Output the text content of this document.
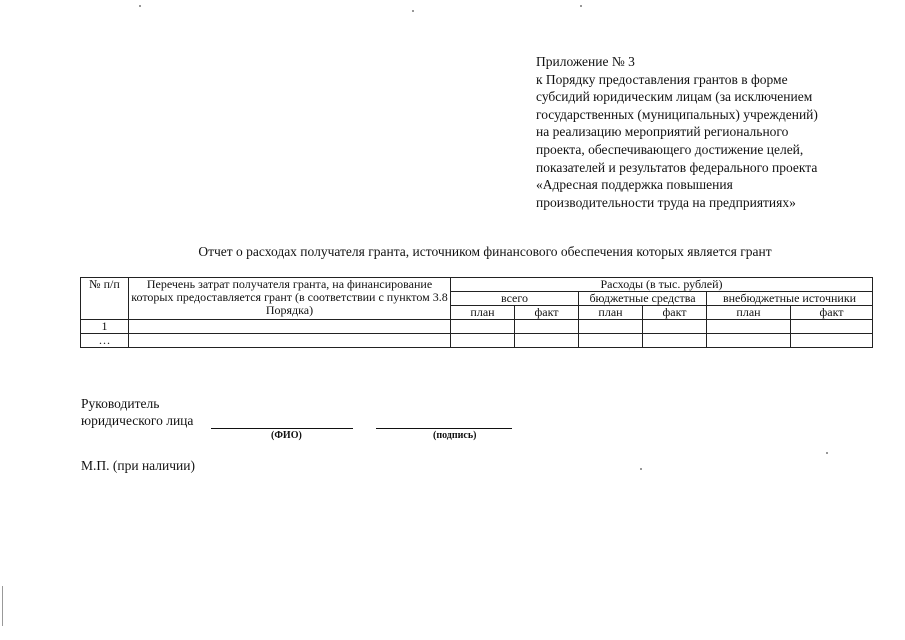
Приложение № 3
к Порядку предоставления грантов в форме
субсидий юридическим лицам (за исключением
государственных (муниципальных) учреждений)
на реализацию мероприятий регионального
проекта, обеспечивающего достижение целей,
показателей и результатов федерального проекта
«Адресная поддержка повышения
производительности труда на предприятиях»
Отчет о расходах получателя гранта, источником финансового обеспечения которых является грант
№ п/п	Перечень затрат получателя гранта, на финансирование которых предоставляется грант (в соответствии с пунктом 3.8 Порядка)	Расходы (в тыс. рублей)					
		всего		бюджетные средства		внебюджетные источники	
		план	факт	план	факт	план	факт
1							
…							
Руководитель
юридического лица
(ФИО)	(подпись)
М.П. (при наличии)
